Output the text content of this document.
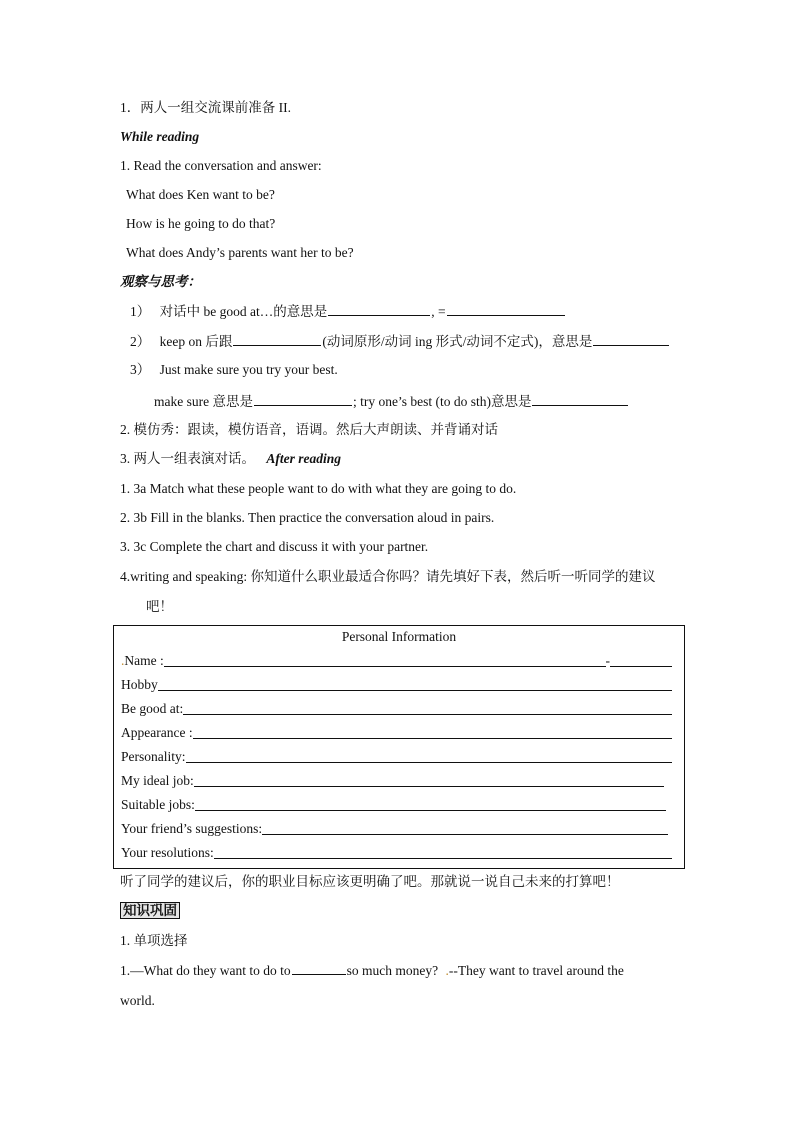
1．两人一组交流课前准备 II.
While reading
1. Read the conversation and answer:
What does Ken want to be?
How is he going to do that?
What does Andy’s parents want her to be?
观察与思考：
1） 对话中 be good at…的意思是	, =
2） keep on 后跟	(动词原形/动词 ing 形式/动词不定式)，意思是
3） Just make sure you try your best.
make sure 意思是	; try one’s best (to do sth)意思是
2. 模仿秀：跟读，模仿语音，语调。然后大声朗读、并背诵对话
3. 两人一组表演对话。 After reading
1. 3a Match what these people want to do with what they are going to do.
2. 3b Fill in the blanks. Then practice the conversation aloud in pairs.
3. 3c Complete the chart and discuss it with your partner.
4.writing and speaking: 你知道什么职业最适合你吗？请先填好下表，然后听一听同学的建议
吧！
Personal Information
. Name :	-
Hobby
Be good at:
Appearance :
Personality:
My ideal job:
Suitable jobs:
Your friend’s suggestions:
Your resolutions:
听了同学的建议后，你的职业目标应该更明确了吧。那就说一说自己未来的打算吧！
知识巩固
1. 单项选择
1.—What do they want to do to	so much money? .--They want to travel around the
world.
